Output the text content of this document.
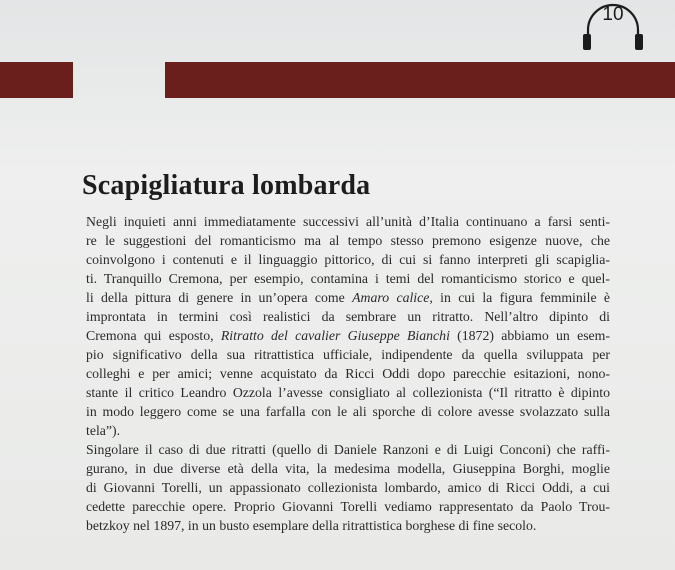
10
Scapigliatura lombarda
Negli inquieti anni immediatamente successivi all’unità d’Italia continuano a farsi senti-
re le suggestioni del romanticismo ma al tempo stesso premono esigenze nuove, che
coinvolgono i contenuti e il linguaggio pittorico, di cui si fanno interpreti gli scapiglia-
ti. Tranquillo Cremona, per esempio, contamina i temi del romanticismo storico e quel-
li della pittura di genere in un’opera come Amaro calice, in cui la figura femminile è
improntata in termini così realistici da sembrare un ritratto. Nell’altro dipinto di
Cremona qui esposto, Ritratto del cavalier Giuseppe Bianchi (1872) abbiamo un esem-
pio significativo della sua ritrattistica ufficiale, indipendente da quella sviluppata per
colleghi e per amici; venne acquistato da Ricci Oddi dopo parecchie esitazioni, nono-
stante il critico Leandro Ozzola l’avesse consigliato al collezionista (“Il ritratto è dipinto
in modo leggero come se una farfalla con le ali sporche di colore avesse svolazzato sulla
tela”).
Singolare il caso di due ritratti (quello di Daniele Ranzoni e di Luigi Conconi) che raffi-
gurano, in due diverse età della vita, la medesima modella, Giuseppina Borghi, moglie
di Giovanni Torelli, un appassionato collezionista lombardo, amico di Ricci Oddi, a cui
cedette parecchie opere. Proprio Giovanni Torelli vediamo rappresentato da Paolo Trou-
betzkoy nel 1897, in un busto esemplare della ritrattistica borghese di fine secolo.
